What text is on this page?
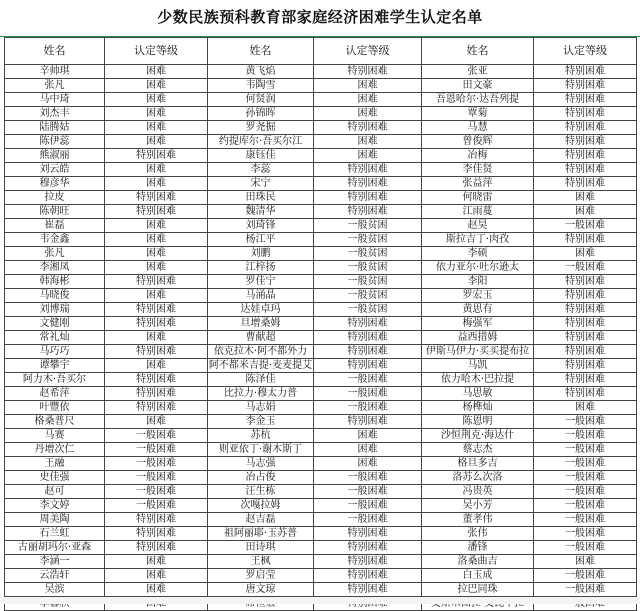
少数民族预科教育部家庭经济困难学生认定名单
姓名	认定等级	姓名	认定等级	姓名	认定等级
辛帅琪	困难	黄飞焰	特别困难	张亚	特别困难
张凡	困难	韦陶雪	困难	田文豪	特别困难
马中琦	困难	何贤润	困难	吾恩哈尔·达吾列提	特别困难
刘杰丰	困难	孙锦晖	困难	覃菊	特别困难
陆腾姑	困难	罗尧掘	特别困难	马慧	特别困难
陈伊蕊	困难	约提库尔·吾买尔江	困难	曾俊辉	特别困难
熊淑丽	特别困难	康钰佳	困难	冶梅	特别困难
刘云皓	困难	李蕊	特别困难	李佳贤	特别困难
穆彦华	困难	宋宁	特别困难	张益萍	特别困难
拉皮	特别困难	田珠民	特别困难	何晓雷	困难
陈朝旺	特别困难	魏清华	特别困难	江雨蔓	困难
崔磊	困难	刘琦锋	一般贫困	赵昊	一般困难
韦金鑫	困难	杨江平	一般贫困	斯拉吉丁·肉孜	特别困难
张凡	困难	刘鹏	一般贫困	李硕	困难
李湘凤	困难	江梓扬	一般贫困	依力亚尔·吐尔逊太	一般困难
韩海彬	特别困难	罗佳宁	一般贫困	李阳	特别困难
马晓俊	困难	马涌晶	一般贫困	罗宏玉	特别困难
刘博瑞	特别困难	达娃卓玛	一般贫困	黄思有	特别困难
文健刚	特别困难	旦增桑姆	特别困难	梅强军	特别困难
常礼灿	困难	曹献超	特别困难	益西措姆	特别困难
马巧巧	特别困难	依克拉木·阿不都外力	特别困难	伊斯马伊力·买买提布拉	特别困难
谭攀宇	困难	阿不都米吉提·麦麦提艾	特别困难	马凯	特别困难
阿力木·吾买尔	特别困难	陈泽佳	一般困难	依力哈木·巴拉提	特别困难
赵希萍	特别困难	比拉力·穆太力普	一般困难	马思敏	特别困难
叶豐依	特别困难	马志娟	一般困难	杨榫灿	困难
格桑普尺	困难	李金玉	特别困难	陈恩明	一般困难
马赛	一般困难	苏杭	困难	沙恒荆克·海达什	一般困难
丹增次仁	一般困难	则亚依丁·谢木斯丁	困难	蔡志杰	一般困难
王融	一般困难	马志强	困难	格旦多吉	一般困难
史佳强	一般困难	冶占俊	一般困难	洛苏么次洛	一般困难
赵可	一般困难	汪生栋	一般困难	冯贵英	一般困难
李文婷	一般困难	次嘎拉姆	一般困难	吴小芳	一般困难
周美陶	特别困难	赵吉磊	一般困难	董孝伟	一般困难
石兰虹	特别困难	祖阿丽耶·玉苏普	特别困难	张伟	一般困难
古丽胡玛尔·亚森	特别困难	田诗琪	特别困难	潘锋	一般困难
李涵一	困难	王枫	特别困难	洛桑曲吉	困难
云浩轩	困难	罗启莹	特别困难	白玉成	一般困难
吴滨	困难	唐文琼	特别困难	拉巴同珠	一般困难
